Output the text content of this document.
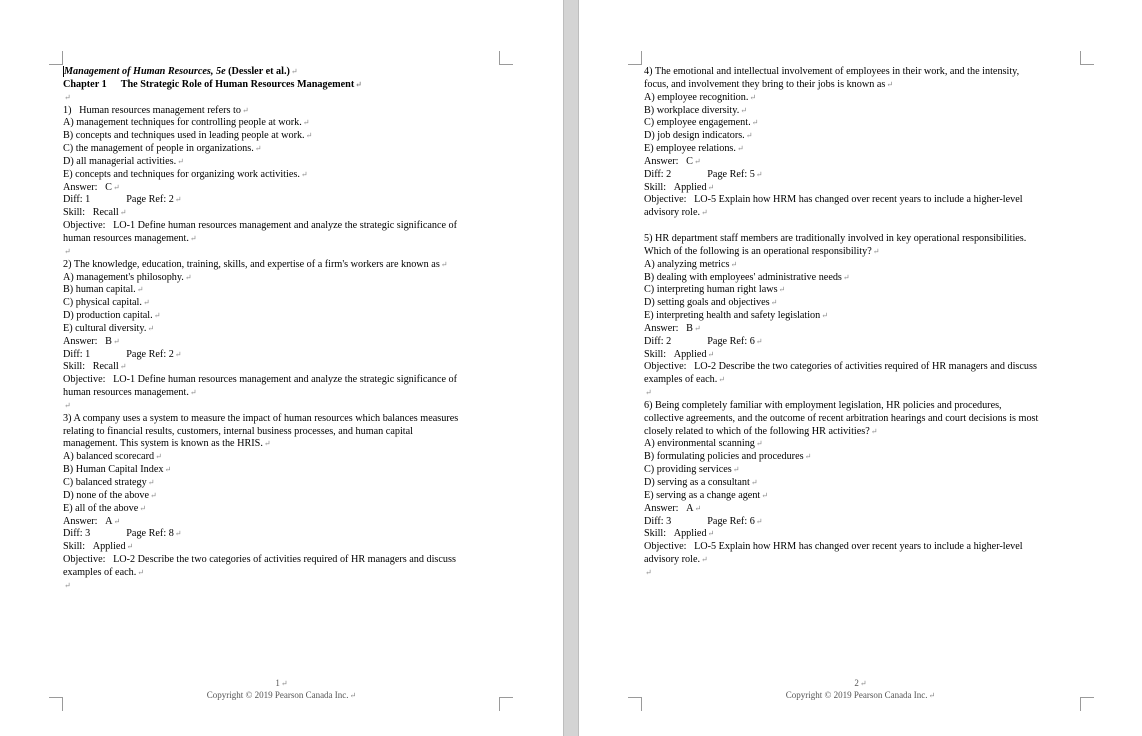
Management of Human Resources, 5e (Dessler et al.)↵
Chapter 1 The Strategic Role of Human Resources Management↵
↵
1)   Human resources management refers to↵
A) management techniques for controlling people at work.↵
B) concepts and techniques used in leading people at work.↵
C) the management of people in organizations.↵
D) all managerial activities.↵
E) concepts and techniques for organizing work activities.↵
Answer:   C↵
Diff: 1	Page Ref: 2↵
Skill:   Recall↵
Objective:   LO-1 Define human resources management and analyze the strategic significance of
human resources management.↵
↵
2) The knowledge, education, training, skills, and expertise of a firm's workers are known as↵
A) management's philosophy.↵
B) human capital.↵
C) physical capital.↵
D) production capital.↵
E) cultural diversity.↵
Answer:   B↵
Diff: 1	Page Ref: 2↵
Skill:   Recall↵
Objective:   LO-1 Define human resources management and analyze the strategic significance of
human resources management.↵
↵
3) A company uses a system to measure the impact of human resources which balances measures
relating to financial results, customers, internal business processes, and human capital
management. This system is known as the HRIS.↵
A) balanced scorecard↵
B) Human Capital Index↵
C) balanced strategy↵
D) none of the above↵
E) all of the above↵
Answer:   A↵
Diff: 3	Page Ref: 8↵
Skill:   Applied↵
Objective:   LO-2 Describe the two categories of activities required of HR managers and discuss
examples of each.↵
↵
1↵
Copyright © 2019 Pearson Canada Inc.↵
4) The emotional and intellectual involvement of employees in their work, and the intensity,
focus, and involvement they bring to their jobs is known as↵
A) employee recognition.↵
B) workplace diversity.↵
C) employee engagement.↵
D) job design indicators.↵
E) employee relations.↵
Answer:   C↵
Diff: 2	Page Ref: 5↵
Skill:   Applied↵
Objective:   LO-5 Explain how HRM has changed over recent years to include a higher-level
advisory role.↵
5) HR department staff members are traditionally involved in key operational responsibilities.
Which of the following is an operational responsibility?↵
A) analyzing metrics↵
B) dealing with employees' administrative needs↵
C) interpreting human right laws↵
D) setting goals and objectives↵
E) interpreting health and safety legislation↵
Answer:   B↵
Diff: 2	Page Ref: 6↵
Skill:   Applied↵
Objective:   LO-2 Describe the two categories of activities required of HR managers and discuss
examples of each.↵
↵
6) Being completely familiar with employment legislation, HR policies and procedures,
collective agreements, and the outcome of recent arbitration hearings and court decisions is most
closely related to which of the following HR activities?↵
A) environmental scanning↵
B) formulating policies and procedures↵
C) providing services↵
D) serving as a consultant↵
E) serving as a change agent↵
Answer:   A↵
Diff: 3	Page Ref: 6↵
Skill:   Applied↵
Objective:   LO-5 Explain how HRM has changed over recent years to include a higher-level
advisory role.↵
↵
2↵
Copyright © 2019 Pearson Canada Inc.↵
